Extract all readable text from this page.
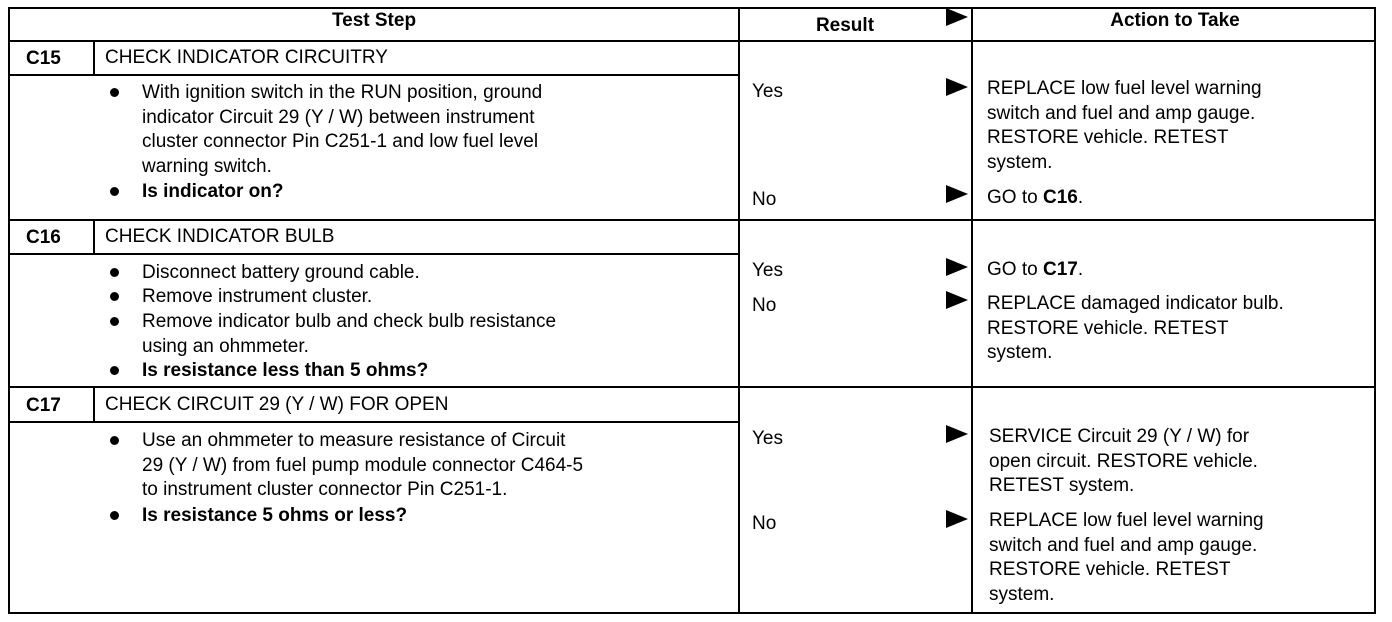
Test Step	Result	Action to Take
C15 CHECK INDICATOR CIRCUITRY
With ignition switch in the RUN position, ground
indicator Circuit 29 (Y / W) between instrument
cluster connector Pin C251-1 and low fuel level
warning switch.
Is indicator on?
Yes	REPLACE low fuel level warning
switch and fuel and amp gauge.
RESTORE vehicle. RETEST
system.
No	GO to C16.
C16 CHECK INDICATOR BULB
Disconnect battery ground cable.
Remove instrument cluster.
Remove indicator bulb and check bulb resistance
using an ohmmeter.
Is resistance less than 5 ohms?
Yes	GO to C17.
No	REPLACE damaged indicator bulb.
RESTORE vehicle. RETEST
system.
C17 CHECK CIRCUIT 29 (Y / W) FOR OPEN
Use an ohmmeter to measure resistance of Circuit
29 (Y / W) from fuel pump module connector C464-5
to instrument cluster connector Pin C251-1.
Is resistance 5 ohms or less?
Yes	SERVICE Circuit 29 (Y / W) for
open circuit. RESTORE vehicle.
RETEST system.
No	REPLACE low fuel level warning
switch and fuel and amp gauge.
RESTORE vehicle. RETEST
system.
